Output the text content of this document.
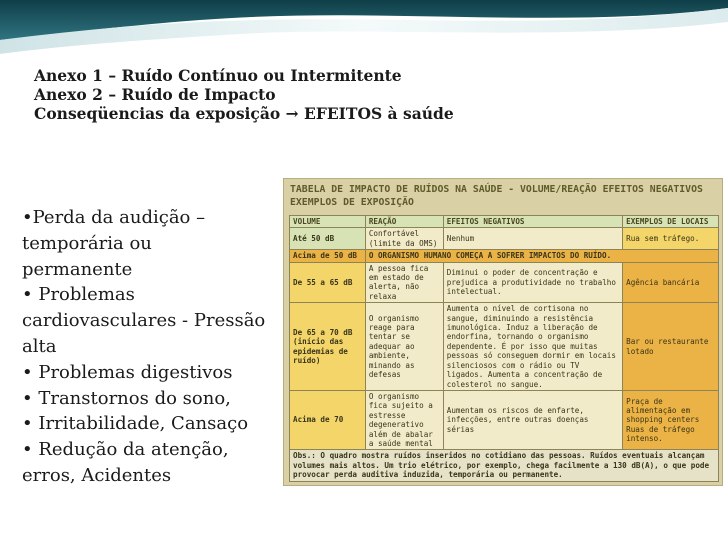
Anexo 1 – Ruído Contínuo ou Intermitente
Anexo 2 – Ruído de Impacto
Conseqüencias da exposição → EFEITOS à saúde
•Perda da audição – temporária ou permanente
• Problemas cardiovasculares - Pressão alta
• Problemas digestivos
• Transtornos do sono,
• Irritabilidade, Cansaço
• Redução da atenção, erros, Acidentes
TABELA DE IMPACTO DE RUÍDOS NA SAÚDE - VOLUME/REAÇÃO EFEITOS NEGATIVOS EXEMPLOS DE EXPOSIÇÃO
VOLUME	REAÇÃO	EFEITOS NEGATIVOS	EXEMPLOS DE LOCAIS
Até 50 dB	Confortável (limite da OMS)	Nenhum	Rua sem tráfego.
Acima de 50 dB	O ORGANISMO HUMANO COMEÇA A SOFRER IMPACTOS DO RUÍDO.		
De 55 a 65 dB	A pessoa fica em estado de alerta, não relaxa	Diminui o poder de concentração e prejudica a produtividade no trabalho intelectual.	Agência bancária
De 65 a 70 dB (início das epidemias de ruído)	O organismo reage para tentar se adequar ao ambiente, minando as defesas	Aumenta o nível de cortisona no sangue, diminuindo a resistência imunológica. Induz a liberação de endorfina, tornando o organismo dependente. É por isso que muitas pessoas só conseguem dormir em locais silenciosos com o rádio ou TV ligados. Aumenta a concentração de colesterol no sangue.	Bar ou restaurante lotado
Acima de 70	O organismo fica sujeito a estresse degenerativo além de abalar a saúde mental	Aumentam os riscos de enfarte, infecções, entre outras doenças sérias	Praça de alimentação em shopping centers Ruas de tráfego intenso.
Obs.: O quadro mostra ruídos inseridos no cotidiano das pessoas. Ruídos eventuais alcançam volumes mais altos. Um trio elétrico, por exemplo, chega facilmente a 130 dB(A), o que pode provocar perda auditiva induzida, temporária ou permanente.			
